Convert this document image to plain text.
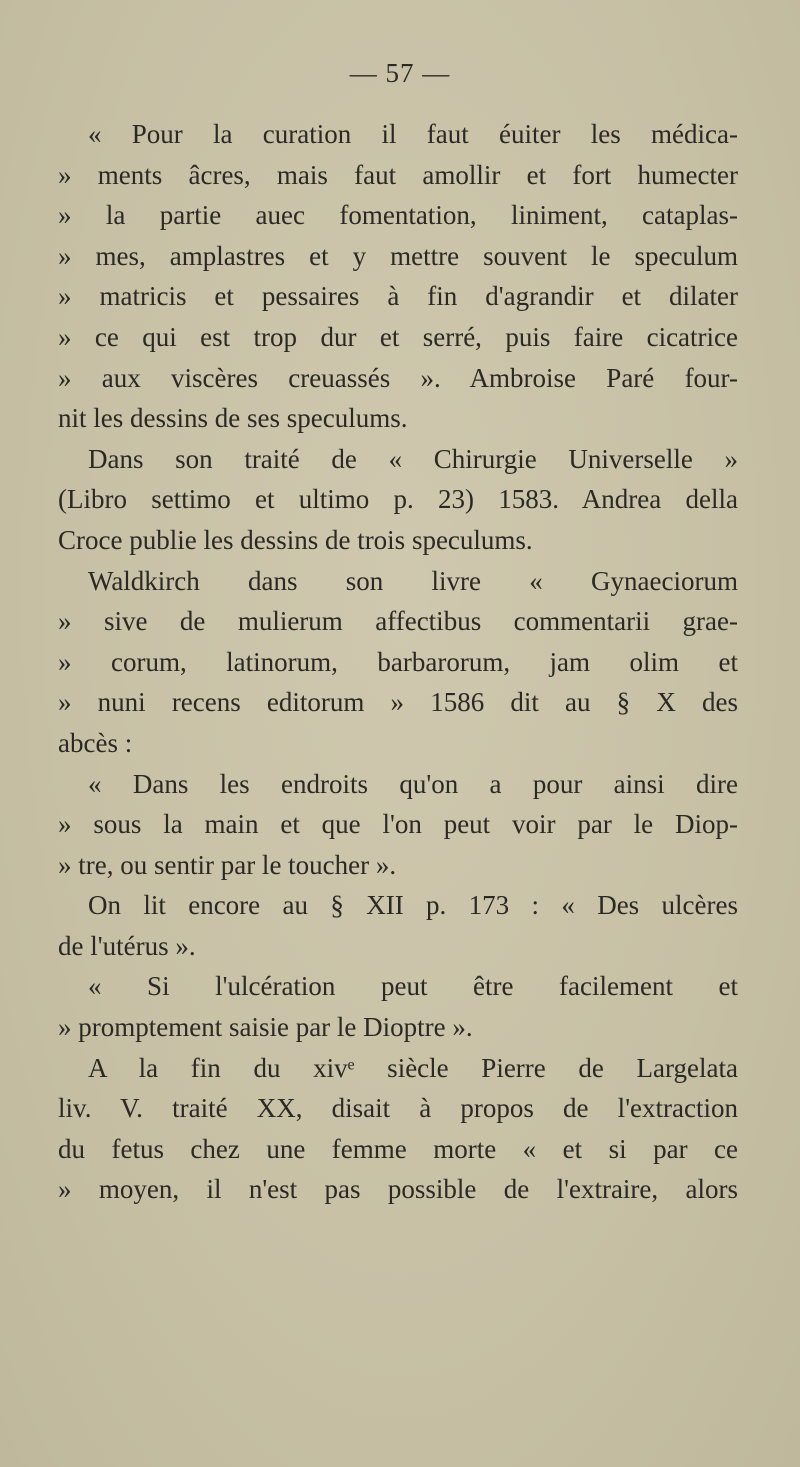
— 57 —
« Pour la curation il faut éuiter les médica-
» ments âcres, mais faut amollir et fort humecter
» la partie auec fomentation, liniment, cataplas-
» mes, amplastres et y mettre souvent le speculum
» matricis et pessaires à fin d'agrandir et dilater
» ce qui est trop dur et serré, puis faire cicatrice
» aux viscères creuassés ». Ambroise Paré four-
nit les dessins de ses speculums.
Dans son traité de « Chirurgie Universelle »
(Libro settimo et ultimo p. 23) 1583. Andrea della
Croce publie les dessins de trois speculums.
Waldkirch dans son livre « Gynaeciorum
» sive de mulierum affectibus commentarii grae-
» corum, latinorum, barbarorum, jam olim et
» nuni recens editorum » 1586 dit au § X des
abcès :
« Dans les endroits qu'on a pour ainsi dire
» sous la main et que l'on peut voir par le Diop-
» tre, ou sentir par le toucher ».
On lit encore au § XII p. 173 : « Des ulcères
de l'utérus ».
« Si l'ulcération peut être facilement et
» promptement saisie par le Dioptre ».
A la fin du xivᵉ siècle Pierre de Largelata
liv. V. traité XX, disait à propos de l'extraction
du fetus chez une femme morte « et si par ce
» moyen, il n'est pas possible de l'extraire, alors
